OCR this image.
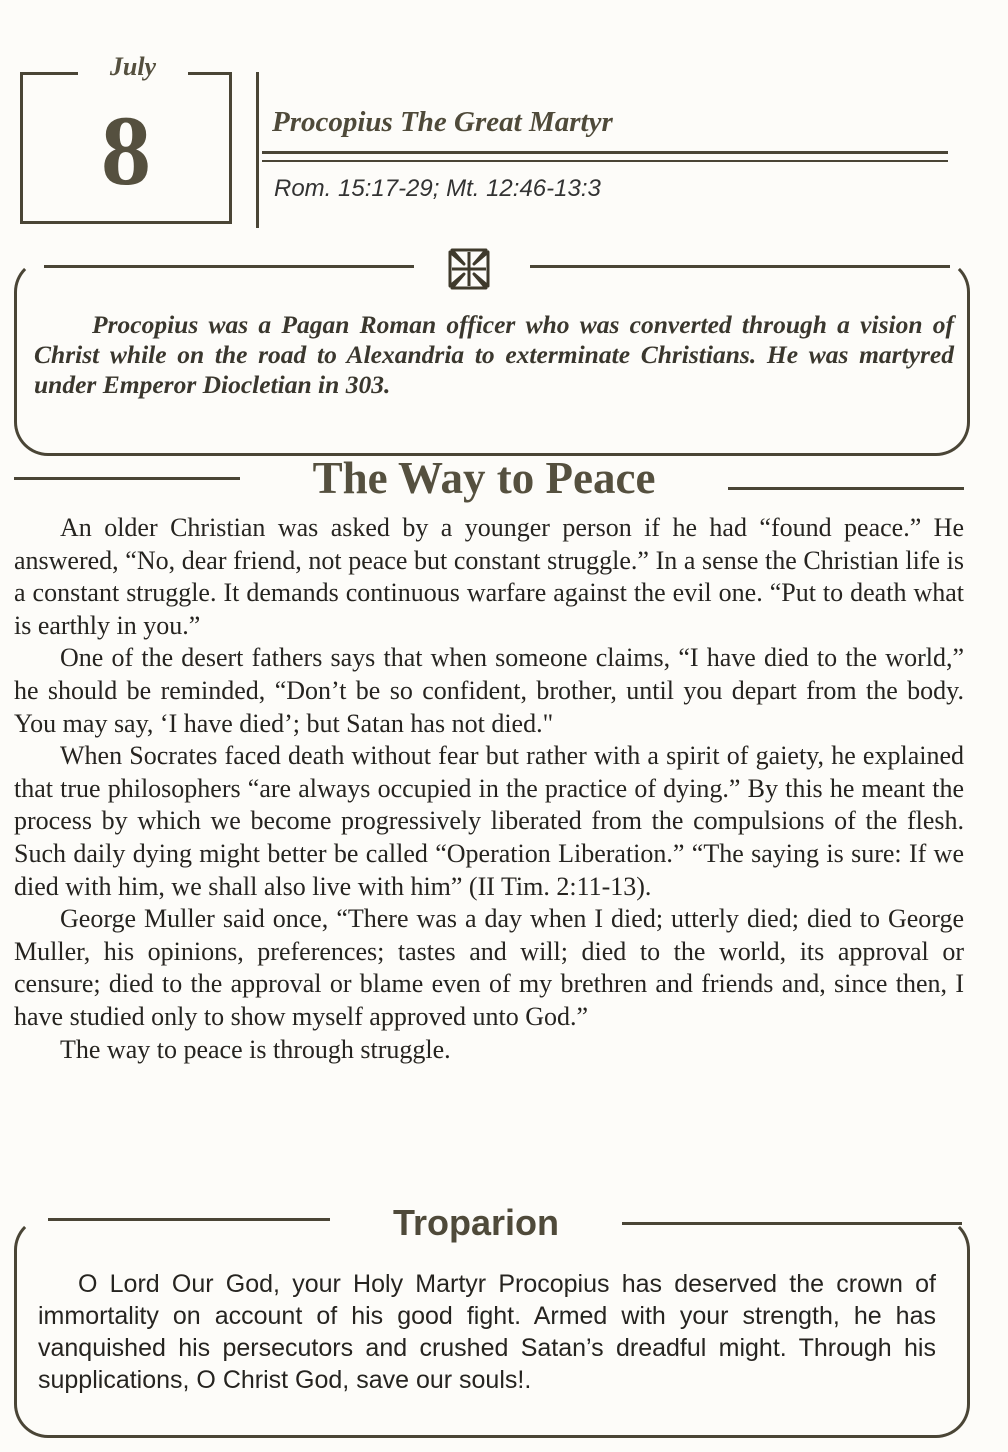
July
8	Procopius The Great Martyr
Rom. 15:17-29; Mt. 12:46-13:3

Procopius was a Pagan Roman officer who was converted through a vision of Christ while on the road to Alexandria to exterminate Christians. He was martyred under Emperor Diocletian in 303.

The Way to Peace

An older Christian was asked by a younger person if he had “found peace.” He answered, “No, dear friend, not peace but constant struggle.” In a sense the Christian life is a constant struggle. It demands continuous warfare against the evil one. “Put to death what is earthly in you.”

One of the desert fathers says that when someone claims, “I have died to the world,” he should be reminded, “Don’t be so confident, brother, until you depart from the body. You may say, ‘I have died’; but Satan has not died."

When Socrates faced death without fear but rather with a spirit of gaiety, he explained that true philosophers “are always occupied in the practice of dying.” By this he meant the process by which we become progressively liberated from the compulsions of the flesh. Such daily dying might better be called “Operation Liberation.” “The saying is sure: If we died with him, we shall also live with him” (II Tim. 2:11-13).

George Muller said once, “There was a day when I died; utterly died; died to George Muller, his opinions, preferences; tastes and will; died to the world, its approval or censure; died to the approval or blame even of my brethren and friends and, since then, I have studied only to show myself approved unto God.”

The way to peace is through struggle.

Troparion

O Lord Our God, your Holy Martyr Procopius has deserved the crown of immortality on account of his good fight. Armed with your strength, he has vanquished his persecutors and crushed Satan’s dreadful might. Through his supplications, O Christ God, save our souls!.
